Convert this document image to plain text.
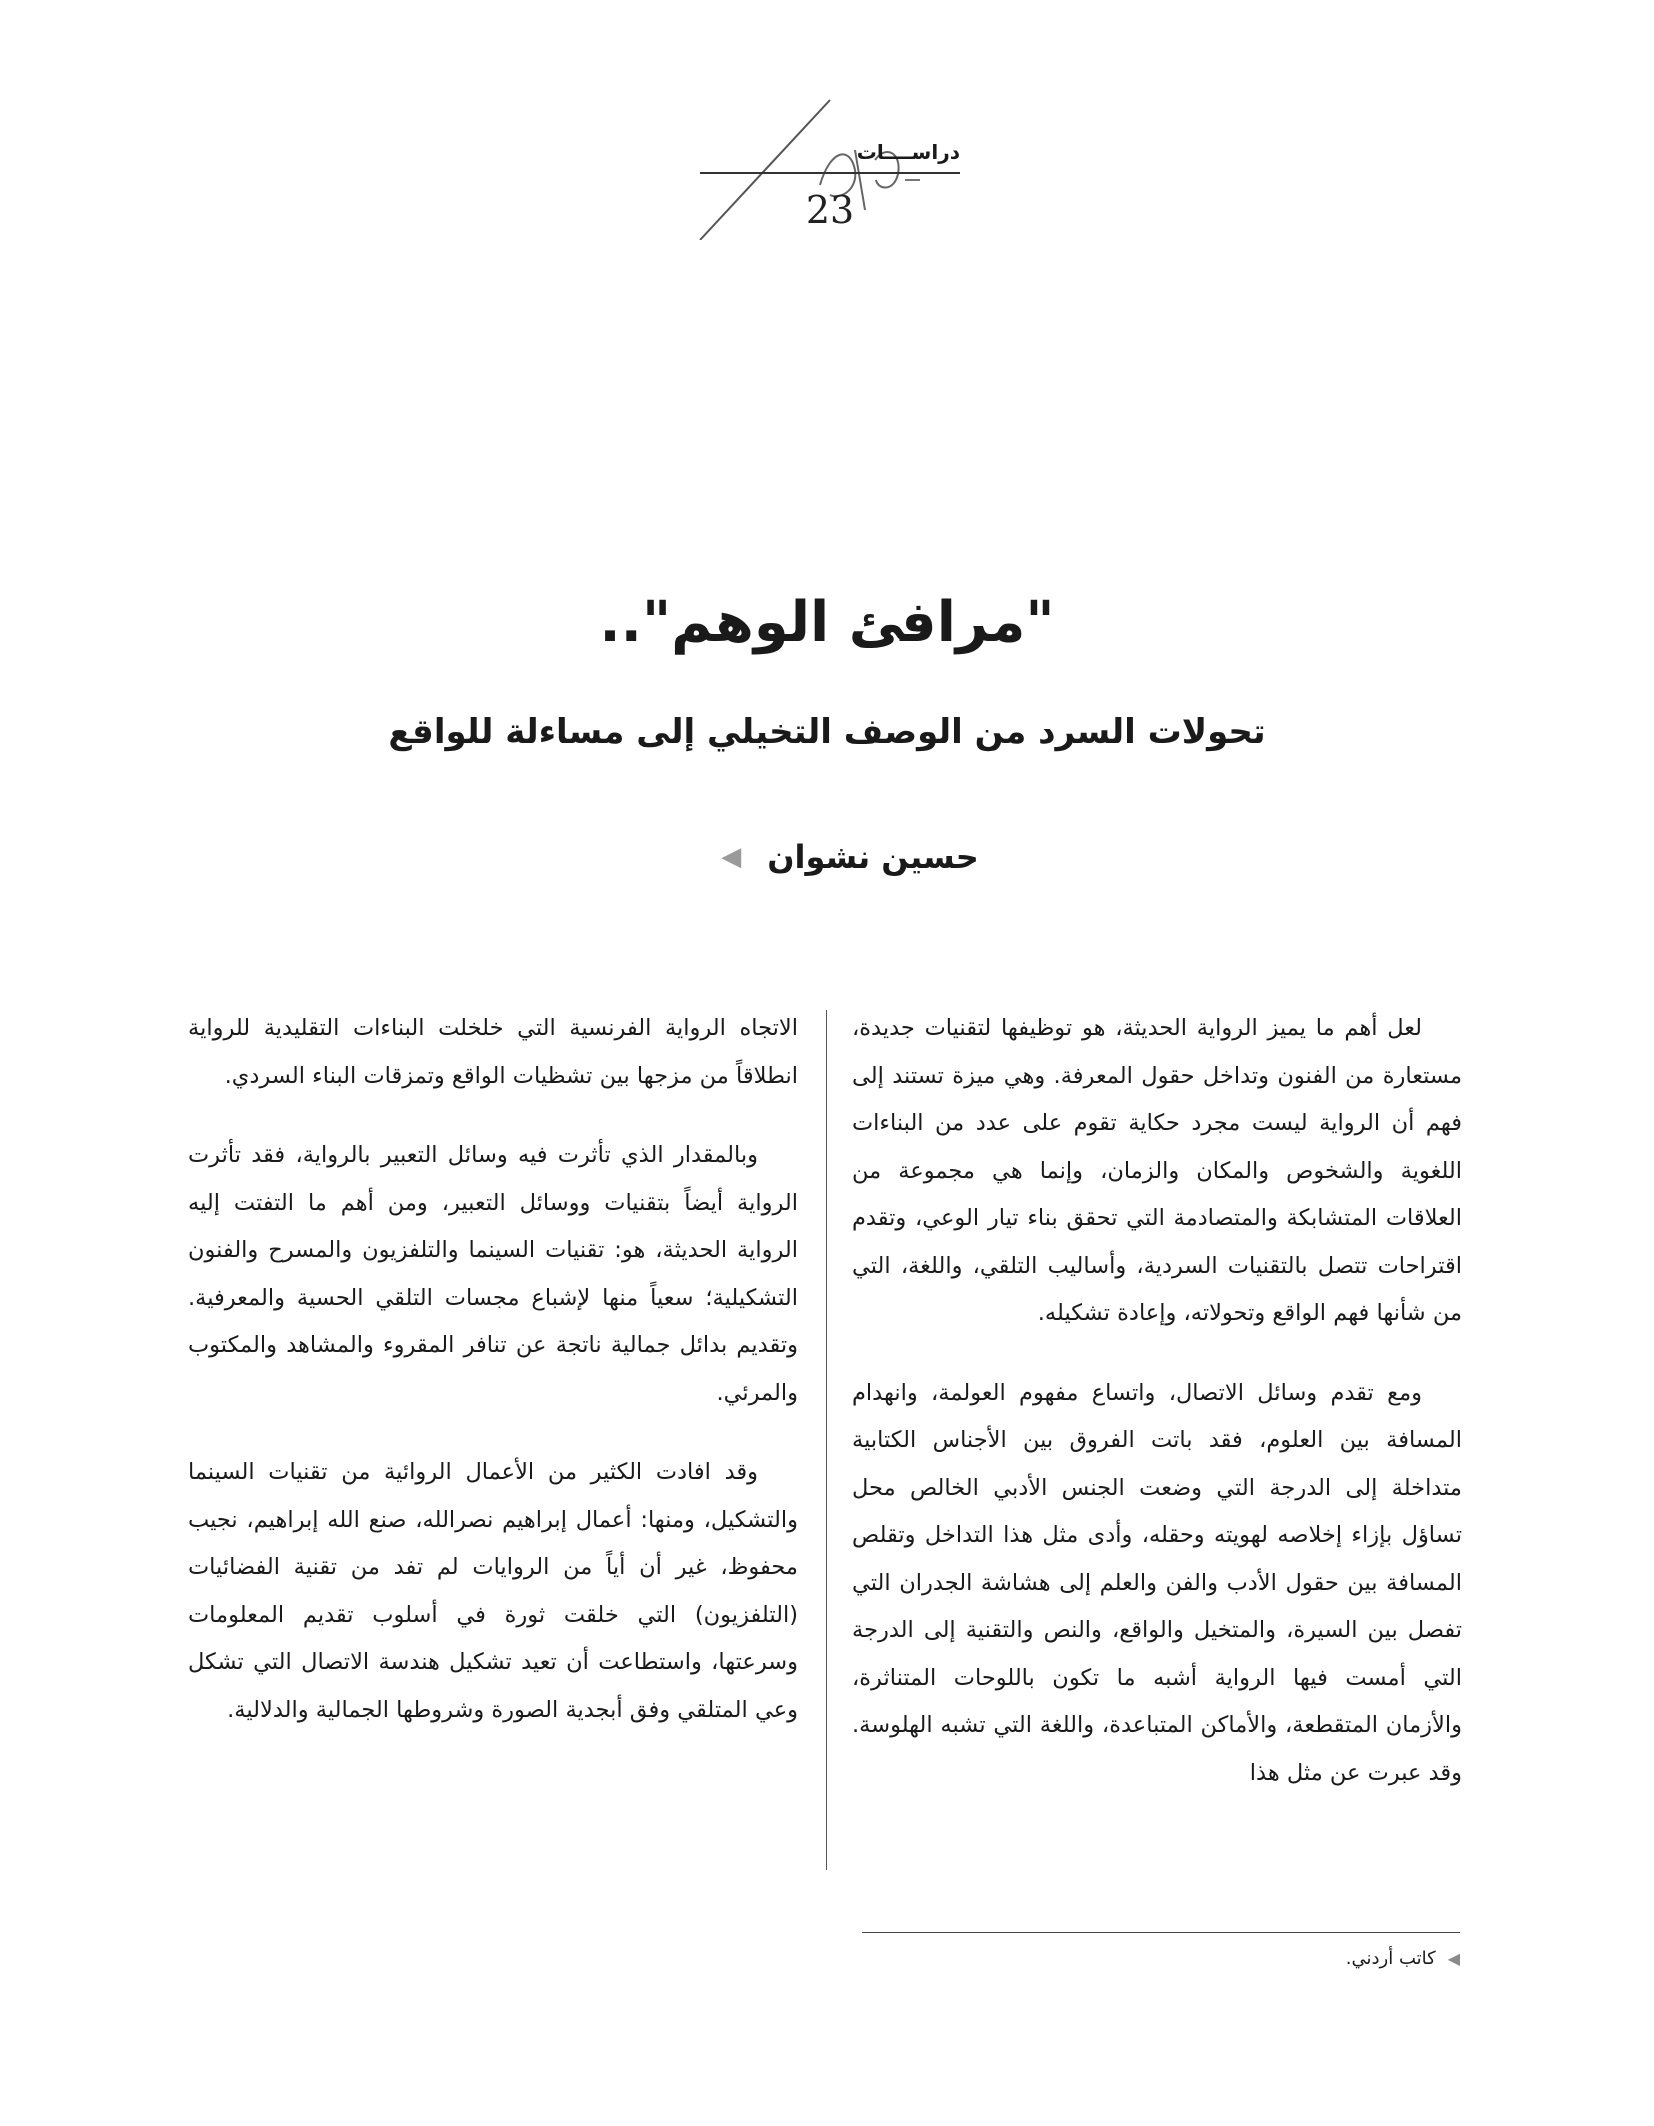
دراســــات
23
"مرافئ الوهم"..
تحولات السرد من الوصف التخيلي إلى مساءلة للواقع
حسين نشوان
◀

لعل أهم ما يميز الرواية الحديثة، هو توظيفها لتقنيات جديدة، مستعارة من الفنون وتداخل حقول المعرفة. وهي ميزة تستند إلى فهم أن الرواية ليست مجرد حكاية تقوم على عدد من البناءات اللغوية والشخوص والمكان والزمان، وإنما هي مجموعة من العلاقات المتشابكة والمتصادمة التي تحقق بناء تيار الوعي، وتقدم اقتراحات تتصل بالتقنيات السردية، وأساليب التلقي، واللغة، التي من شأنها فهم الواقع وتحولاته، وإعادة تشكيله.

ومع تقدم وسائل الاتصال، واتساع مفهوم العولمة، وانهدام المسافة بين العلوم، فقد باتت الفروق بين الأجناس الكتابية متداخلة إلى الدرجة التي وضعت الجنس الأدبي الخالص محل تساؤل بإزاء إخلاصه لهويته وحقله، وأدى مثل هذا التداخل وتقلص المسافة بين حقول الأدب والفن والعلم إلى هشاشة الجدران التي تفصل بين السيرة، والمتخيل والواقع، والنص والتقنية إلى الدرجة التي أمست فيها الرواية أشبه ما تكون باللوحات المتناثرة، والأزمان المتقطعة، والأماكن المتباعدة، واللغة التي تشبه الهلوسة. وقد عبرت عن مثل هذا

الاتجاه الرواية الفرنسية التي خلخلت البناءات التقليدية للرواية انطلاقاً من مزجها بين تشظيات الواقع وتمزقات البناء السردي.

وبالمقدار الذي تأثرت فيه وسائل التعبير بالرواية، فقد تأثرت الرواية أيضاً بتقنيات ووسائل التعبير، ومن أهم ما التفتت إليه الرواية الحديثة، هو: تقنيات السينما والتلفزيون والمسرح والفنون التشكيلية؛ سعياً منها لإشباع مجسات التلقي الحسية والمعرفية. وتقديم بدائل جمالية ناتجة عن تنافر المقروء والمشاهد والمكتوب والمرئي.

وقد افادت الكثير من الأعمال الروائية من تقنيات السينما والتشكيل، ومنها: أعمال إبراهيم نصرالله، صنع الله إبراهيم، نجيب محفوظ، غير أن أياً من الروايات لم تفد من تقنية الفضائيات (التلفزيون) التي خلقت ثورة في أسلوب تقديم المعلومات وسرعتها، واستطاعت أن تعيد تشكيل هندسة الاتصال التي تشكل وعي المتلقي وفق أبجدية الصورة وشروطها الجمالية والدلالية.

◀
كاتب أردني.
